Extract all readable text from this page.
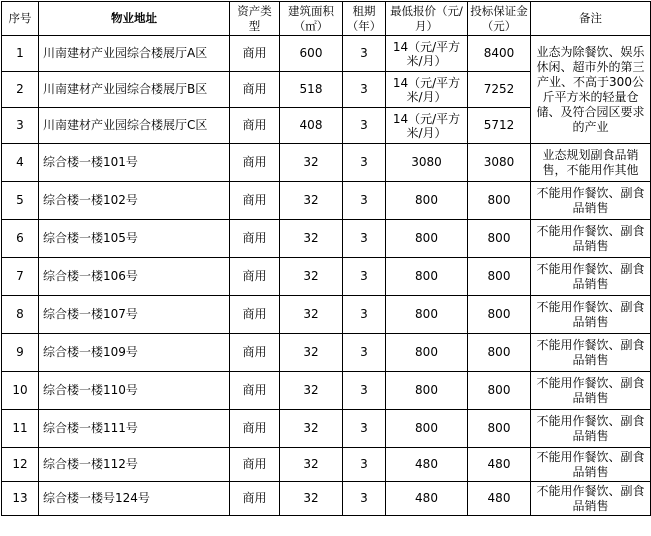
序号	物业地址	资产类型	建筑面积（㎡）	租期（年）	最低报价（元/月）	投标保证金（元）	备注
1	川南建材产业园综合楼展厅A区	商用	600	3	14（元/平方米/月）	8400	业态为除餐饮、娱乐休闲、超市外的第三产业、不高于300公斤平方米的轻量仓储、及符合园区要求的产业
2	川南建材产业园综合楼展厅B区	商用	518	3	14（元/平方米/月）	7252	
3	川南建材产业园综合楼展厅C区	商用	408	3	14（元/平方米/月）	5712	
4	综合楼一楼101号	商用	32	3	3080	3080	业态规划副食品销售，不能用作其他
5	综合楼一楼102号	商用	32	3	800	800	不能用作餐饮、副食品销售
6	综合楼一楼105号	商用	32	3	800	800	不能用作餐饮、副食品销售
7	综合楼一楼106号	商用	32	3	800	800	不能用作餐饮、副食品销售
8	综合楼一楼107号	商用	32	3	800	800	不能用作餐饮、副食品销售
9	综合楼一楼109号	商用	32	3	800	800	不能用作餐饮、副食品销售
10	综合楼一楼110号	商用	32	3	800	800	不能用作餐饮、副食品销售
11	综合楼一楼111号	商用	32	3	800	800	不能用作餐饮、副食品销售
12	综合楼一楼112号	商用	32	3	480	480	不能用作餐饮、副食品销售
13	综合楼一楼号124号	商用	32	3	480	480	不能用作餐饮、副食品销售
